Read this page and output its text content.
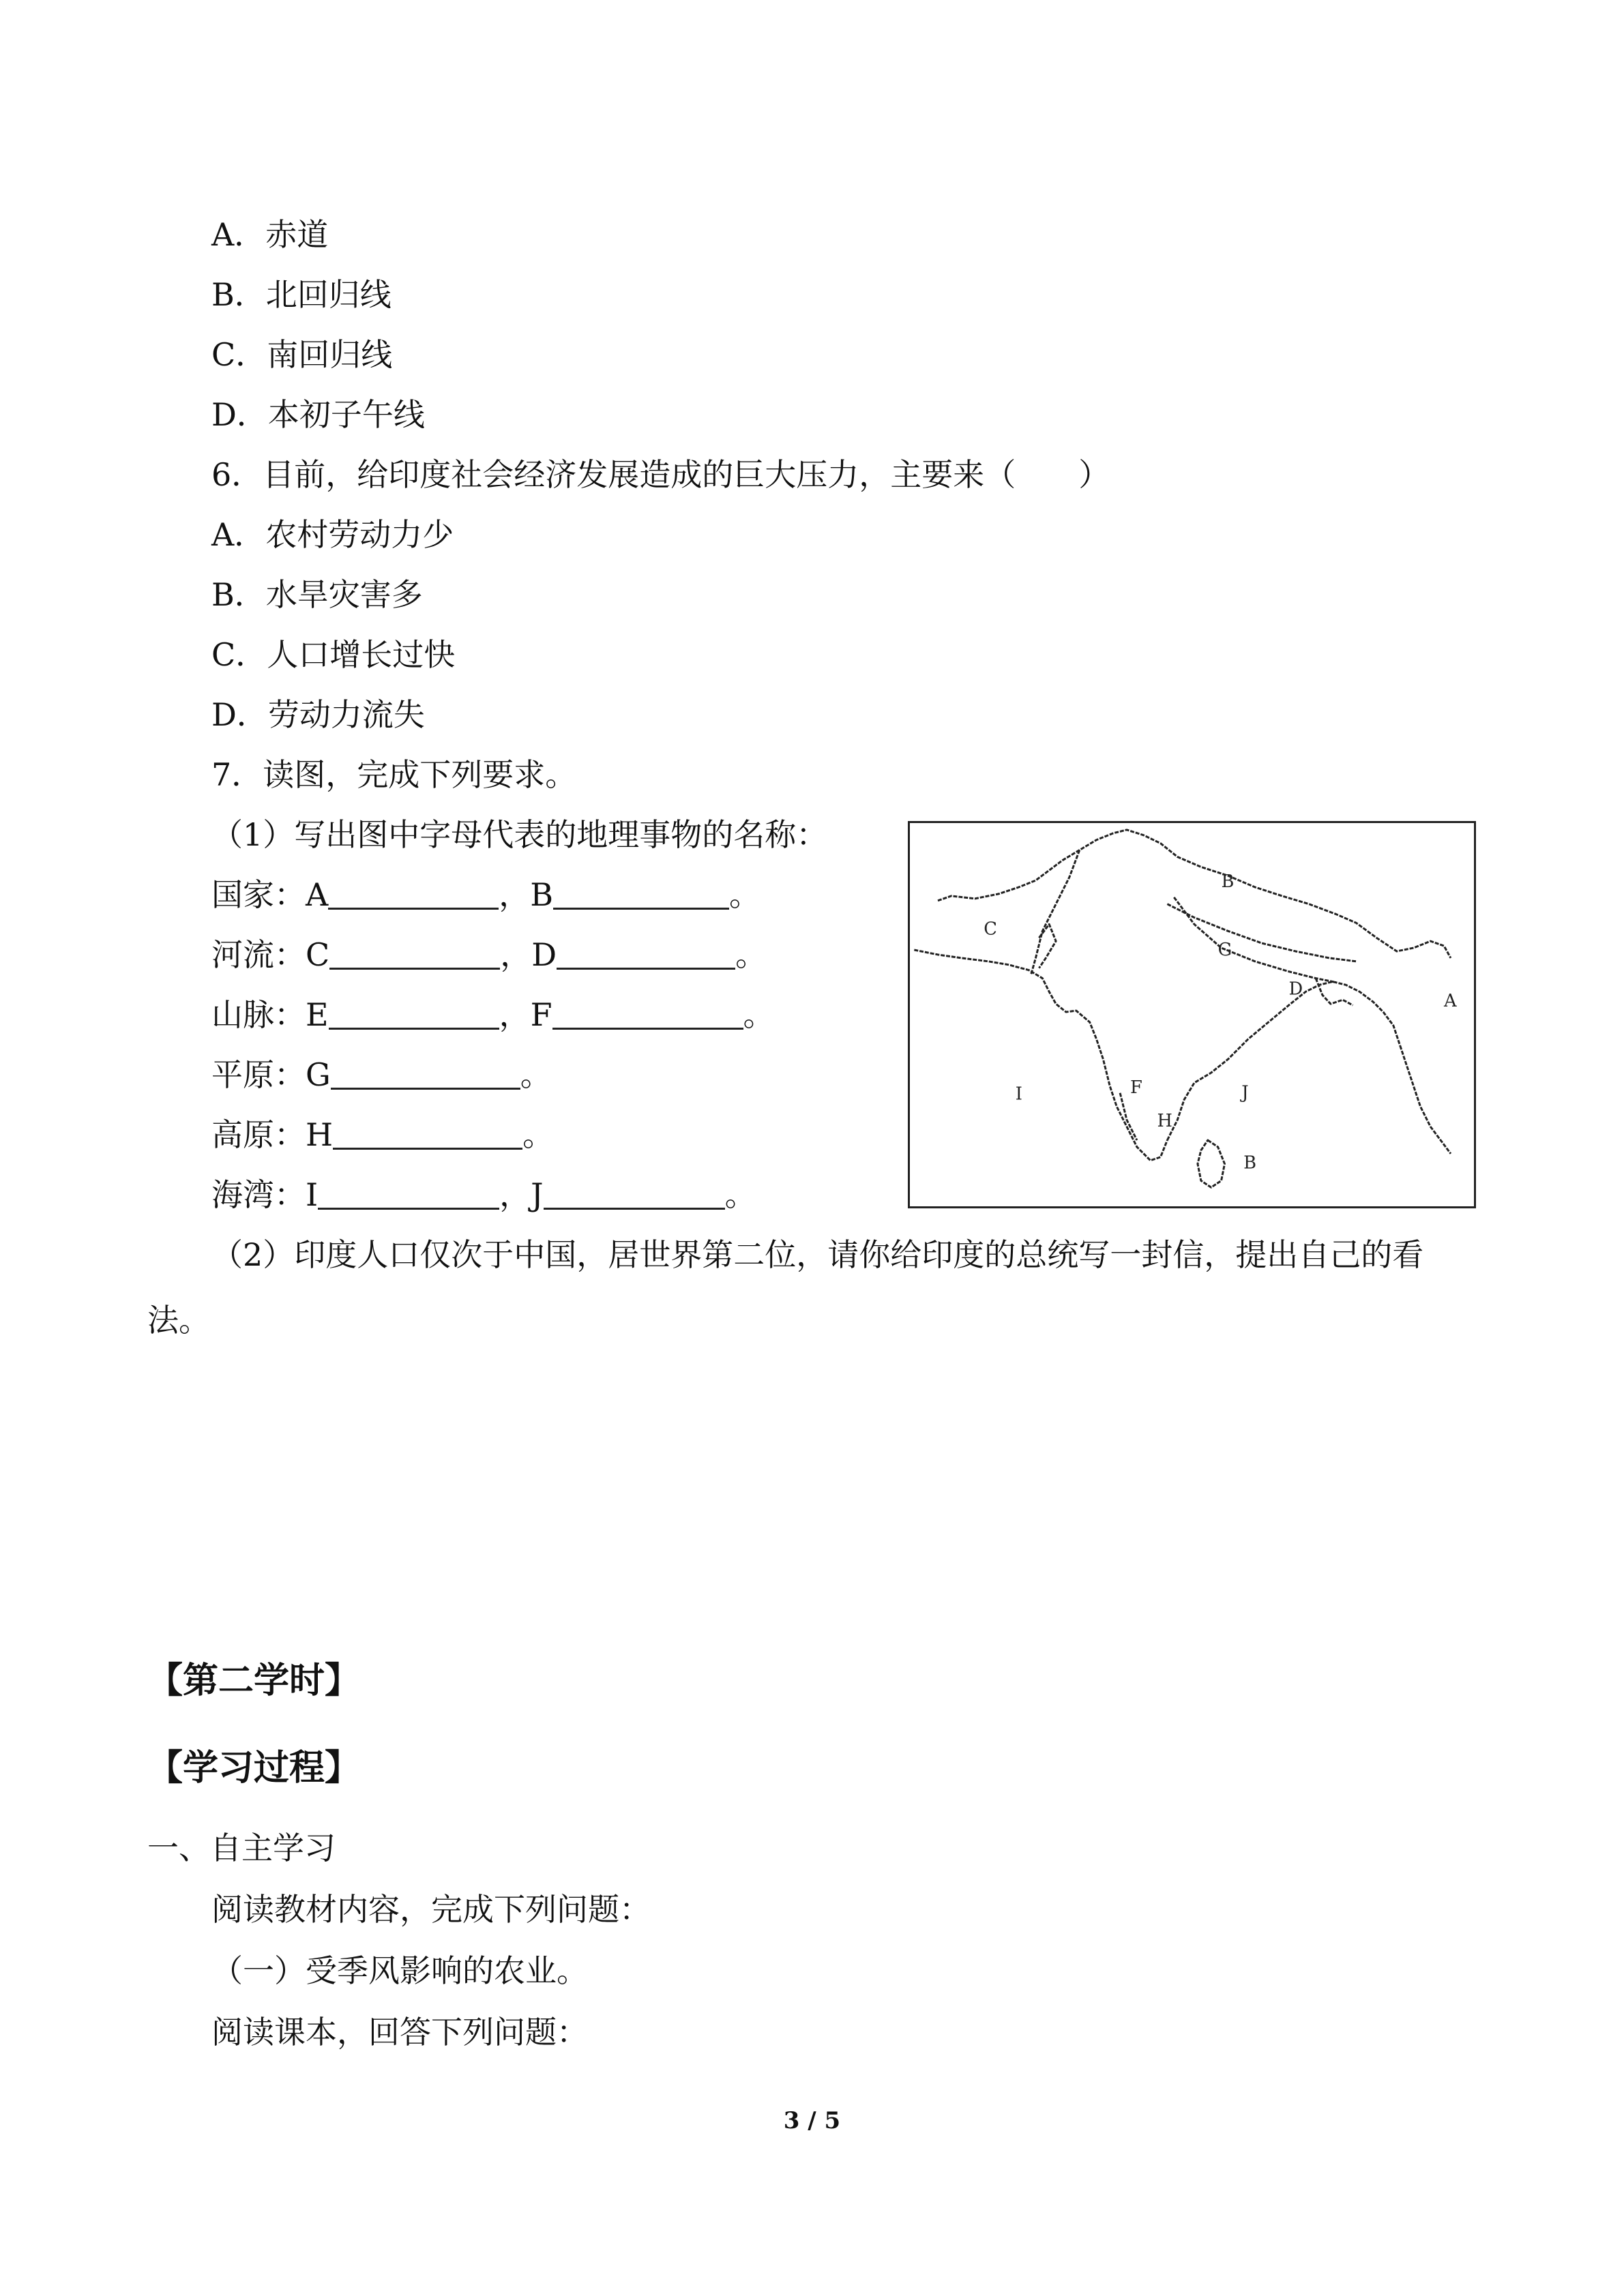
A．赤道
B．北回归线
C．南回归线
D．本初子午线
6．目前，给印度社会经济发展造成的巨大压力，主要来（　　）
A．农村劳动力少
B．水旱灾害多
C．人口增长过快
D．劳动力流失
7．读图，完成下列要求。
（1）写出图中字母代表的地理事物的名称：
国家：A	，B	。
河流：C	，D	。
山脉：E	，F	。
平原：G	。
高原：H	。
海湾：I	，J	。
A
B
B
C
D
G
F
H
I	J
（2）印度人口仅次于中国，居世界第二位，请你给印度的总统写一封信，提出自己的看
法。
【第二学时】
【学习过程】
一、自主学习
阅读教材内容，完成下列问题：
（一）受季风影响的农业。
阅读课本，回答下列问题：
3 / 5
